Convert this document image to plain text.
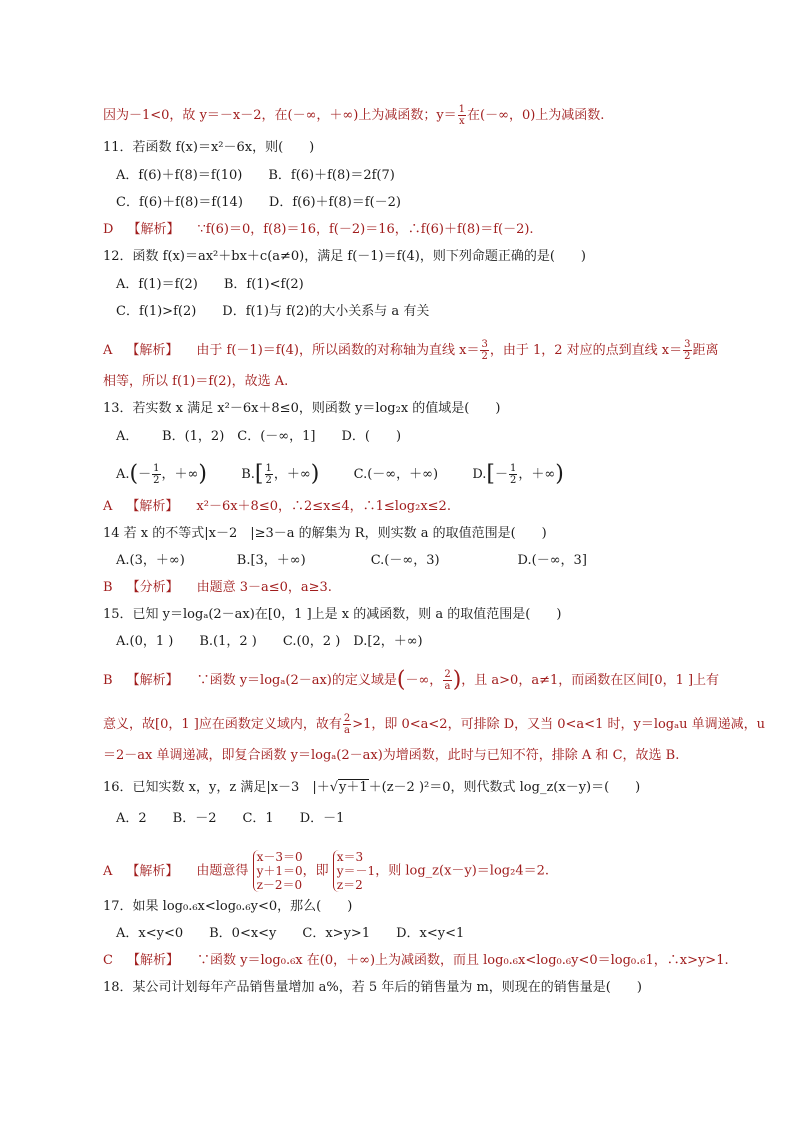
因为－1<0，故 y＝－x－2，在(－∞，＋∞)上为减函数；$y= \frac{1}{x}$ 在(－∞，0)上为减函数.
11．若函数 f(x)＝x²－6x，则(　　)
A．f(6)＋f(8)＝f(10)　　B．f(6)＋f(8)＝2f(7)
C．f(6)＋f(8)＝f(14)　　D．f(6)＋f(8)＝f(－2)
D 【解析】 ∵f(6)＝0，f(8)＝16，f(－2)＝16，∴f(6)＋f(8)＝f(－2).
12．函数 f(x)＝ax²＋bx＋c(a≠0)，满足 f(－1)＝f(4)，则下列命题正确的是(　　)
A．f(1)＝f(2)　　B．f(1)<f(2)
C．f(1)>f(2)　　D．f(1)与 f(2)的大小关系与 a 有关
A 【解析】 由于 f(－1)＝f(4)，所以函数的对称轴为直线 $x= \frac{3}{2}$ ，由于 1，2 对应的点到直线 $x= \frac{3}{2}$ 距离
相等，所以 f(1)＝f(2)，故选 A.
13．若实数 x 满足 x²－6x＋8≤0，则函数 y＝log₂x 的值域是(　　)
A．　　 B．(1，2)　C．(－∞，1]　　D．(　　)
$A.(- \frac{1}{2}$ ，＋∞)	$B.[ \frac{1}{2}$ ，＋∞)	C.(－∞，＋∞)	$D.[- \frac{1}{2}$ ，＋∞)
A 【解析】 x²－6x＋8≤0，∴2≤x≤4，∴1≤log₂x≤2.
14 若 x 的不等式|x－2　|≥3－a 的解集为 R，则实数 a 的取值范围是(　　)
A.(3，＋∞)　　　　B.[3，＋∞)　　　　　C.(－∞，3)　　　　　　D.(－∞，3]
B 【分析】 由题意 3－a≤0，a≥3.
15．已知 y＝logₐ(2－ax)在[0，1 ]上是 x 的减函数，则 a 的取值范围是(　　)
A.(0，1 )　　B.(1，2 )　　C.(0，2 )　D.[2，＋∞)
B 【解析】 ∵函数 y＝logₐ(2－ax)的定义域是(－∞， $\frac{2}{a}$ )，且 a>0，a≠1，而函数在区间[0，1 ]上有
意义，故[0，1 ]应在函数定义域内，故有 $\frac{2}{a} >1$，即 0<a<2，可排除 D，又当 0<a<1 时，y＝logₐu 单调递减，u
＝2－ax 单调递减，即复合函数 y＝logₐ(2－ax)为增函数，此时与已知不符，排除 A 和 C，故选 B.
16．已知实数 x，y，z 满足|x－3　|＋√y＋1＋(z－2 )²＝0，则代数式 log_z(x－y)＝(　　)
A．2　　B．－2　　C．1　　D．－1
A 【解析】 由题意得
x－3＝0
y＋1＝0
z－2＝0
，即
x＝3
y＝－1
z＝2
，则 log_z(x－y)＝log₂4＝2.
17．如果 log₀.₆x<log₀.₆y<0，那么(　　)
A．x<y<0　　B．0<x<y　　C．x>y>1　　D．x<y<1
C 【解析】 ∵函数 y＝log₀.₆x 在(0，＋∞)上为减函数，而且 log₀.₆x<log₀.₆y<0＝log₀.₆1，∴x>y>1.
18．某公司计划每年产品销售量增加 a%，若 5 年后的销售量为 m，则现在的销售量是(　　)
